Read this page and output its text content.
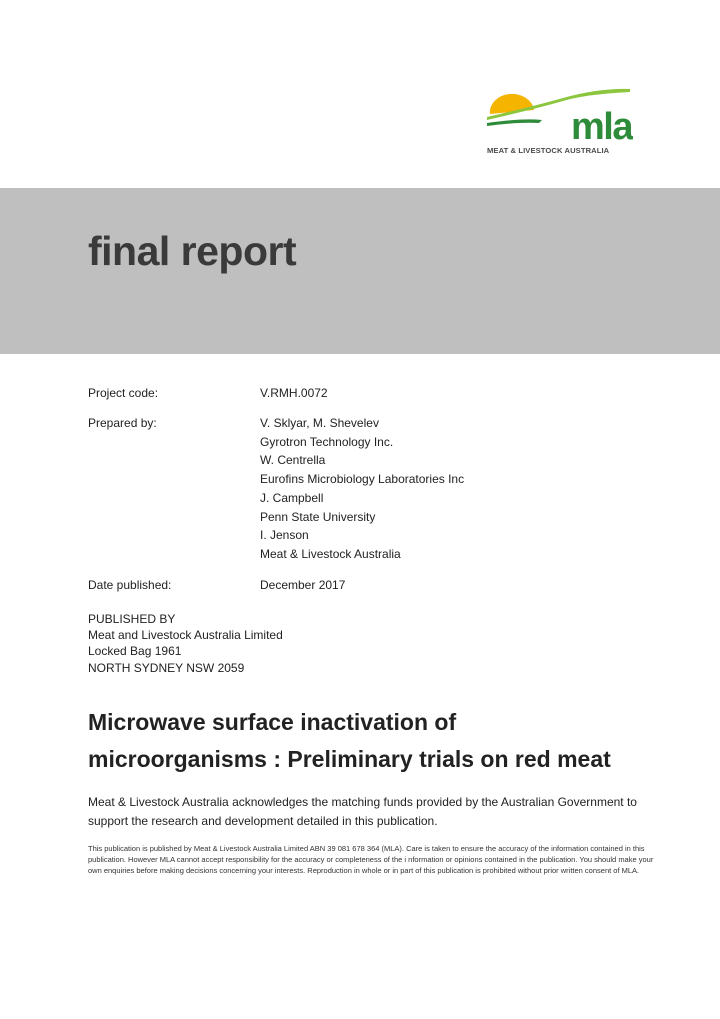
mla
MEAT & LIVESTOCK AUSTRALIA
final report
Project code:	V.RMH.0072
Prepared by:	V. Sklyar, M. Shevelev
Gyrotron Technology Inc.
W. Centrella
Eurofins Microbiology Laboratories Inc
J. Campbell
Penn State University
I. Jenson
Meat & Livestock Australia
Date published:	December 2017
PUBLISHED BY
Meat and Livestock Australia Limited
Locked Bag 1961
NORTH SYDNEY NSW 2059
Microwave surface inactivation of
microorganisms : Preliminary trials on red meat

Meat & Livestock Australia acknowledges the matching funds provided by the Australian Government to support the research and development detailed in this publication.

This publication is published by Meat & Livestock Australia Limited ABN 39 081 678 364 (MLA). Care is taken to ensure the accuracy of the information contained in this publication. However MLA cannot accept responsibility for the accuracy or completeness of the i nformation or opinions contained in the publication. You should make your own enquiries before making decisions concerning your interests. Reproduction in whole or in part of this publication is prohibited without prior written consent of MLA.
